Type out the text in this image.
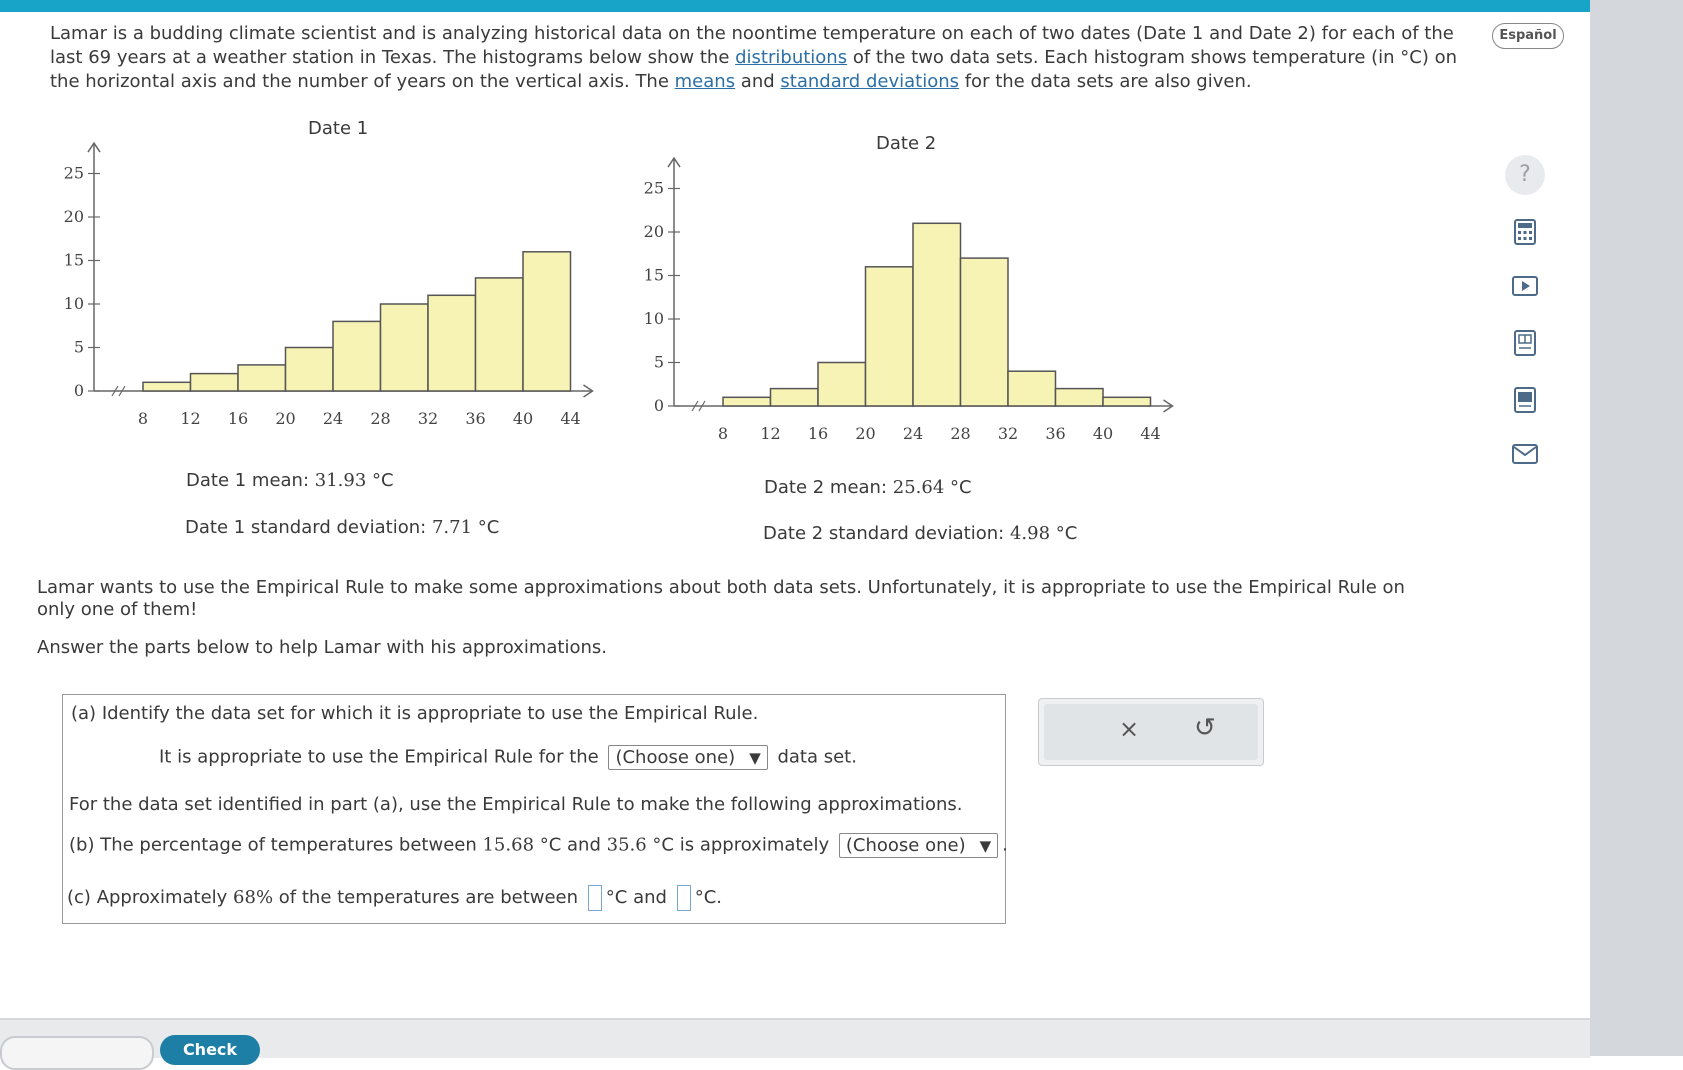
Lamar is a budding climate scientist and is analyzing historical data on the noontime temperature on each of two dates (Date 1 and Date 2) for each of the last 69 years at a weather station in Texas. The histograms below show the distributions of the two data sets. Each histogram shows temperature (in °C) on the horizontal axis and the number of years on the vertical axis. The means and standard deviations for the data sets are also given.
Date 1
Date 2
0
5
10
15
20
25
8 12 16 20 24 28 32 36 40 44
0
5
10
15
20
25
8 12 16 20 24 28 32 36 40 44
Date 1 mean: 31.93 °C
Date 1 standard deviation: 7.71 °C
Date 2 mean: 25.64 °C
Date 2 standard deviation: 4.98 °C
Lamar wants to use the Empirical Rule to make some approximations about both data sets. Unfortunately, it is appropriate to use the Empirical Rule on only one of them!
Answer the parts below to help Lamar with his approximations.
(a) Identify the data set for which it is appropriate to use the Empirical Rule.
It is appropriate to use the Empirical Rule for the (Choose one) ▼ data set.
For the data set identified in part (a), use the Empirical Rule to make the following approximations.
(b) The percentage of temperatures between 15.68 °C and 35.6 °C is approximately (Choose one) ▼ .
(c) Approximately 68% of the temperatures are between °C and °C.
× ↺
Español
?
Check
